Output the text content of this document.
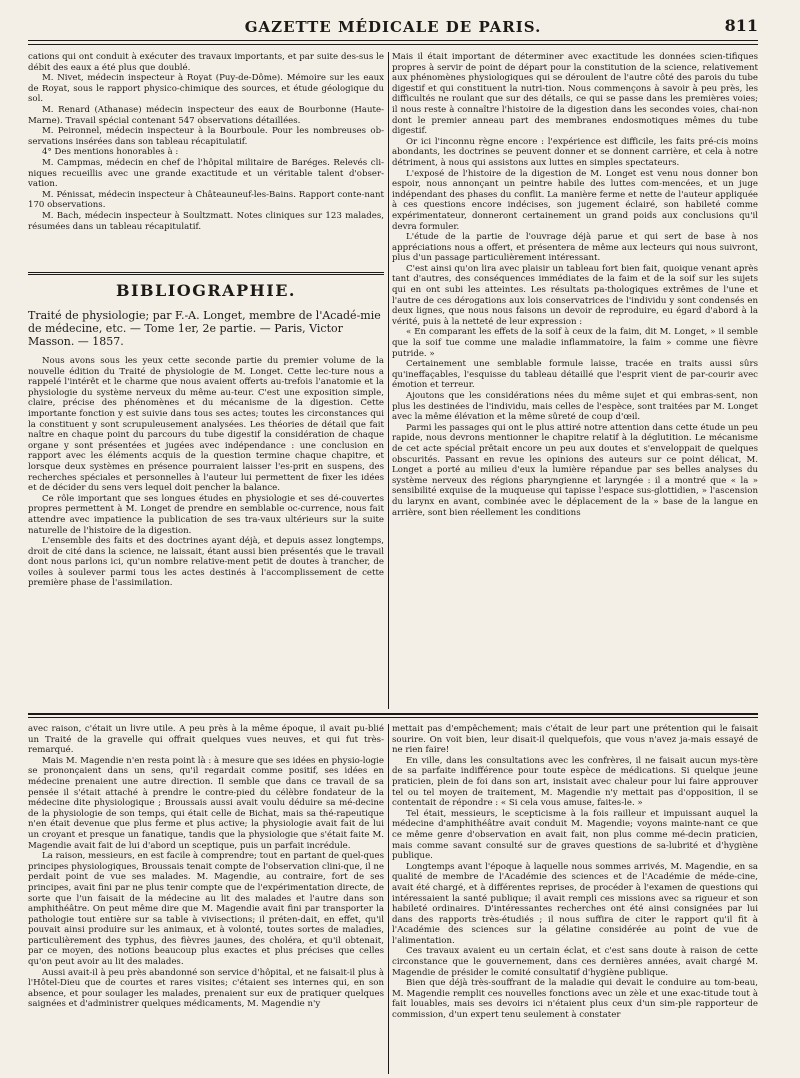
GAZETTE MÉDICALE DE PARIS.	811

cations qui ont conduit à exécuter des travaux importants, et par suite des-sus le débit des eaux a été plus que doublé.

M. Nivet, médecin inspecteur à Royat (Puy-de-Dôme). Mémoire sur les eaux de Royat, sous le rapport physico-chimique des sources, et étude géologique du sol.

M. Renard (Athanase) médecin inspecteur des eaux de Bourbonne (Haute-Marne). Travail spécial contenant 547 observations détaillées.

M. Peironnel, médecin inspecteur à la Bourboule. Pour les nombreuses ob-servations insérées dans son tableau récapitulatif.

4° Des mentions honorables à :

M. Campmas, médecin en chef de l'hôpital militaire de Baréges. Relevés cli-niques recueillis avec une grande exactitude et un véritable talent d'obser-vation.

M. Pénissat, médecin inspecteur à Châteauneuf-les-Bains. Rapport conte-nant 170 observations.

M. Bach, médecin inspecteur à Soultzmatt. Notes cliniques sur 123 malades, résumées dans un tableau récapitulatif.

BIBLIOGRAPHIE.
Traité de physiologie; par F.-A. Longet, membre de l'Acadé-mie de médecine, etc. — Tome 1er, 2e partie. — Paris, Victor Masson. — 1857.

Nous avons sous les yeux cette seconde partie du premier volume de la nouvelle édition du Traité de physiologie de M. Longet. Cette lec-ture nous a rappelé l'intérêt et le charme que nous avaient offerts au-trefois l'anatomie et la physiologie du système nerveux du même au-teur. C'est une exposition simple, claire, précise des phénomènes et du mécanisme de la digestion. Cette importante fonction y est suivie dans tous ses actes; toutes les circonstances qui la constituent y sont scrupuleusement analysées. Les théories de détail que fait naître en chaque point du parcours du tube digestif la considération de chaque organe y sont présentées et jugées avec indépendance : une conclusion en rapport avec les éléments acquis de la question termine chaque chapitre, et lorsque deux systèmes en présence pourraient laisser l'es-prit en suspens, des recherches spéciales et personnelles à l'auteur lui permettent de fixer les idées et de décider du sens vers lequel doit pencher la balance.

Ce rôle important que ses longues études en physiologie et ses dé-couvertes propres permettent à M. Longet de prendre en semblable oc-currence, nous fait attendre avec impatience la publication de ses tra-vaux ultérieurs sur la suite naturelle de l'histoire de la digestion.

L'ensemble des faits et des doctrines ayant déjà, et depuis assez longtemps, droit de cité dans la science, ne laissait, étant aussi bien présentés que le travail dont nous parlons ici, qu'un nombre relative-ment petit de doutes à trancher, de voiles à soulever parmi tous les actes destinés à l'accomplissement de cette première phase de l'assimilation.

Mais il était important de déterminer avec exactitude les données scien-tifiques propres à servir de point de départ pour la constitution de la science, relativement aux phénomènes physiologiques qui se déroulent de l'autre côté des parois du tube digestif et qui constituent la nutri-tion. Nous commençons à savoir à peu près, les difficultés ne roulant que sur des détails, ce qui se passe dans les premières voies; il nous reste à connaître l'histoire de la digestion dans les secondes voies, chai-non dont le premier anneau part des membranes endosmotiques mêmes du tube digestif.

Or ici l'inconnu règne encore : l'expérience est difficile, les faits pré-cis moins abondants, les doctrines se peuvent donner et se donnent carrière, et cela à notre détriment, à nous qui assistons aux luttes en simples spectateurs.

L'exposé de l'histoire de la digestion de M. Longet est venu nous donner bon espoir, nous annonçant un peintre habile des luttes com-mencées, et un juge indépendant des phases du conflit. La manière ferme et nette de l'auteur appliquée à ces questions encore indécises, son jugement éclairé, son habileté comme expérimentateur, donneront certainement un grand poids aux conclusions qu'il devra formuler.

L'étude de la partie de l'ouvrage déjà parue et qui sert de base à nos appréciations nous a offert, et présentera de même aux lecteurs qui nous suivront, plus d'un passage particulièrement intéressant.

C'est ainsi qu'on lira avec plaisir un tableau fort bien fait, quoique venant après tant d'autres, des conséquences immédiates de la faim et de la soif sur les sujets qui en ont subi les atteintes. Les résultats pa-thologiques extrêmes de l'une et l'autre de ces dérogations aux lois conservatrices de l'individu y sont condensés en deux lignes, que nous nous faisons un devoir de reproduire, eu égard d'abord à la vérité, puis à la netteté de leur expression :

« En comparant les effets de la soif à ceux de la faim, dit M. Longet, » il semble que la soif tue comme une maladie inflammatoire, la faim » comme une fièvre putride. »

Certainement une semblable formule laisse, tracée en traits aussi sûrs qu'ineffaçables, l'esquisse du tableau détaillé que l'esprit vient de par-courir avec émotion et terreur.

Ajoutons que les considérations nées du même sujet et qui embras-sent, non plus les destinées de l'individu, mais celles de l'espèce, sont traitées par M. Longet avec la même élévation et la même sûreté de coup d'œil.

Parmi les passages qui ont le plus attiré notre attention dans cette étude un peu rapide, nous devrons mentionner le chapitre relatif à la déglutition. Le mécanisme de cet acte spécial prêtait encore un peu aux doutes et s'enveloppait de quelques obscurités. Passant en revue les opinions des auteurs sur ce point délicat, M. Longet a porté au milieu d'eux la lumière répandue par ses belles analyses du système nerveux des régions pharyngienne et laryngée : il a montré que « la » sensibilité exquise de la muqueuse qui tapisse l'espace sus-glottidien, » l'ascension du larynx en avant, combinée avec le déplacement de la » base de la langue en arrière, sont bien réellement les conditions

avec raison, c'était un livre utile. A peu près à la même époque, il avait pu-blié un Traité de la gravelle qui offrait quelques vues neuves, et qui fut très-remarqué.

Mais M. Magendie n'en resta point là : à mesure que ses idées en physio-logie se prononçaient dans un sens, qu'il regardait comme positif, ses idées en médecine prenaient une autre direction. Il semble que dans ce travail de sa pensée il s'était attaché à prendre le contre-pied du célèbre fondateur de la médecine dite physiologique ; Broussais aussi avait voulu déduire sa mé-decine de la physiologie de son temps, qui était celle de Bichat, mais sa thé-rapeutique n'en était devenue que plus ferme et plus active; la physiologie avait fait de lui un croyant et presque un fanatique, tandis que la physiologie que s'était faite M. Magendie avait fait de lui d'abord un sceptique, puis un parfait incrédule.

La raison, messieurs, en est facile à comprendre; tout en partant de quel-ques principes physiologiques, Broussais tenait compte de l'observation clini-que, il ne perdait point de vue ses malades. M. Magendie, au contraire, fort de ses principes, avait fini par ne plus tenir compte que de l'expérimentation directe, de sorte que l'un faisait de la médecine au lit des malades et l'autre dans son amphithéâtre. On peut même dire que M. Magendie avait fini par transporter la pathologie tout entière sur sa table à vivisections; il préten-dait, en effet, qu'il pouvait ainsi produire sur les animaux, et à volonté, toutes sortes de maladies, particulièrement des typhus, des fièvres jaunes, des choléra, et qu'il obtenait, par ce moyen, des notions beaucoup plus exactes et plus précises que celles qu'on peut avoir au lit des malades.

Aussi avait-il à peu près abandonné son service d'hôpital, et ne faisait-il plus à l'Hôtel-Dieu que de courtes et rares visites; c'étaient ses internes qui, en son absence, et pour soulager les malades, prenaient sur eux de pratiquer quelques saignées et d'administrer quelques médicaments, M. Magendie n'y

mettait pas d'empêchement; mais c'était de leur part une prétention qui le faisait sourire. On voit bien, leur disait-il quelquefois, que vous n'avez ja-mais essayé de ne rien faire!

En ville, dans les consultations avec les confrères, il ne faisait aucun mys-tère de sa parfaite indifférence pour toute espèce de médications. Si quelque jeune praticien, plein de foi dans son art, insistait avec chaleur pour lui faire approuver tel ou tel moyen de traitement, M. Magendie n'y mettait pas d'opposition, il se contentait de répondre : « Si cela vous amuse, faites-le. »

Tel était, messieurs, le scepticisme à la fois railleur et impuissant auquel la médecine d'amphithéâtre avait conduit M. Magendie; voyons mainte-nant ce que ce même genre d'observation en avait fait, non plus comme mé-decin praticien, mais comme savant consulté sur de graves questions de sa-lubrité et d'hygiène publique.

Longtemps avant l'époque à laquelle nous sommes arrivés, M. Magendie, en sa qualité de membre de l'Académie des sciences et de l'Académie de méde-cine, avait été chargé, et à différentes reprises, de procéder à l'examen de questions qui intéressaient la santé publique; il avait rempli ces missions avec sa rigueur et son habileté ordinaires. D'intéressantes recherches ont été ainsi consignées par lui dans des rapports très-étudiés ; il nous suffira de citer le rapport qu'il fit à l'Académie des sciences sur la gélatine considérée au point de vue de l'alimentation.

Ces travaux avaient eu un certain éclat, et c'est sans doute à raison de cette circonstance que le gouvernement, dans ces dernières années, avait chargé M. Magendie de présider le comité consultatif d'hygiène publique.

Bien que déjà très-souffrant de la maladie qui devait le conduire au tom-beau, M. Magendie remplit ces nouvelles fonctions avec un zèle et une exac-titude tout à fait louables, mais ses devoirs ici n'étaient plus ceux d'un sim-ple rapporteur de commission, d'un expert tenu seulement à constater
